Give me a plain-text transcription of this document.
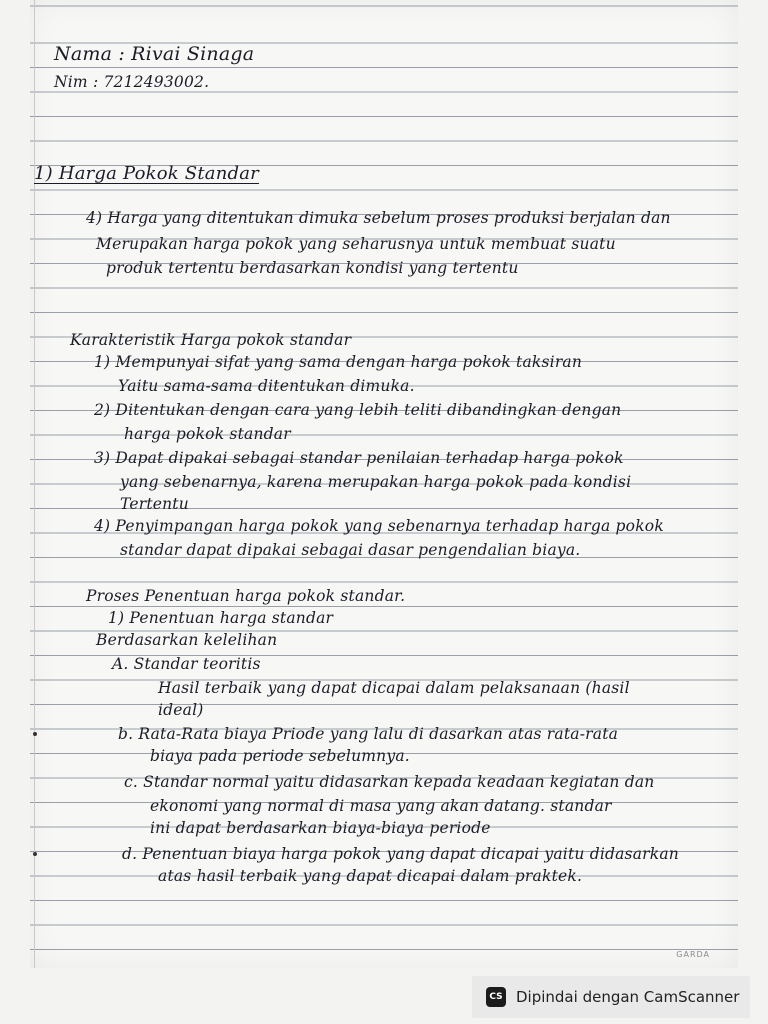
Nama : Rivai Sinaga
Nim : 7212493002.
1) Harga Pokok Standar
4) Harga yang ditentukan dimuka sebelum proses produksi berjalan dan
Merupakan harga pokok yang seharusnya untuk membuat suatu
produk tertentu berdasarkan kondisi yang tertentu
Karakteristik Harga pokok standar
1) Mempunyai sifat yang sama dengan harga pokok taksiran
Yaitu sama-sama ditentukan dimuka.
2) Ditentukan dengan cara yang lebih teliti dibandingkan dengan
harga pokok standar
3) Dapat dipakai sebagai standar penilaian terhadap harga pokok
yang sebenarnya, karena merupakan harga pokok pada kondisi
Tertentu
4) Penyimpangan harga pokok yang sebenarnya terhadap harga pokok
standar dapat dipakai sebagai dasar pengendalian biaya.
Proses Penentuan harga pokok standar.
1) Penentuan harga standar
Berdasarkan kelelihan
A. Standar teoritis
Hasil terbaik yang dapat dicapai dalam pelaksanaan (hasil
ideal)
b. Rata-Rata biaya Priode yang lalu di dasarkan atas rata-rata
biaya pada periode sebelumnya.
c. Standar normal yaitu didasarkan kepada keadaan kegiatan dan
ekonomi yang normal di masa yang akan datang. standar
ini dapat berdasarkan biaya-biaya periode
d. Penentuan biaya harga pokok yang dapat dicapai yaitu didasarkan
atas hasil terbaik yang dapat dicapai dalam praktek.
GARDA
CS Dipindai dengan CamScanner
